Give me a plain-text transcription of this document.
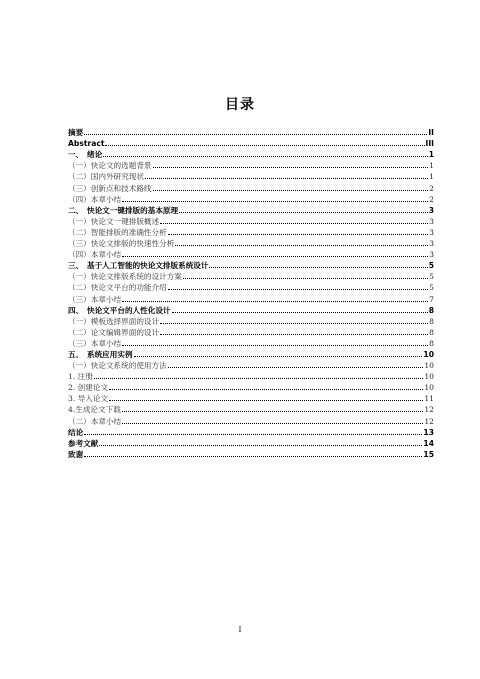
目录
摘要	II
Abstract	III
一、　绪论	1
（一）快论文的选题背景	1
（二）国内外研究现状	1
（三）创新点和技术路线	2
（四）本章小结	2
二、　快论文一键排版的基本原理	3
（一）快论文一键排版概述	3
（二）智能排版的准确性分析	3
（三）快论文排版的快速性分析	3
（四）本章小结	3
三、　基于人工智能的快论文排版系统设计	5
（一）快论文排版系统的设计方案	5
（二）快论文平台的功能介绍	5
（三）本章小结	7
四、　快论文平台的人性化设计	8
（一）模板选择界面的设计	8
（二）论文编辑界面的设计	8
（三）本章小结	8
五、　系统应用实例	10
（一）快论文系统的使用方法	10
1. 注册	10
2. 创建论文	10
3. 导入论文	11
4.生成论文下载	12
（二）本章小结	12
结论	13
参考文献	14
致谢	15
I
